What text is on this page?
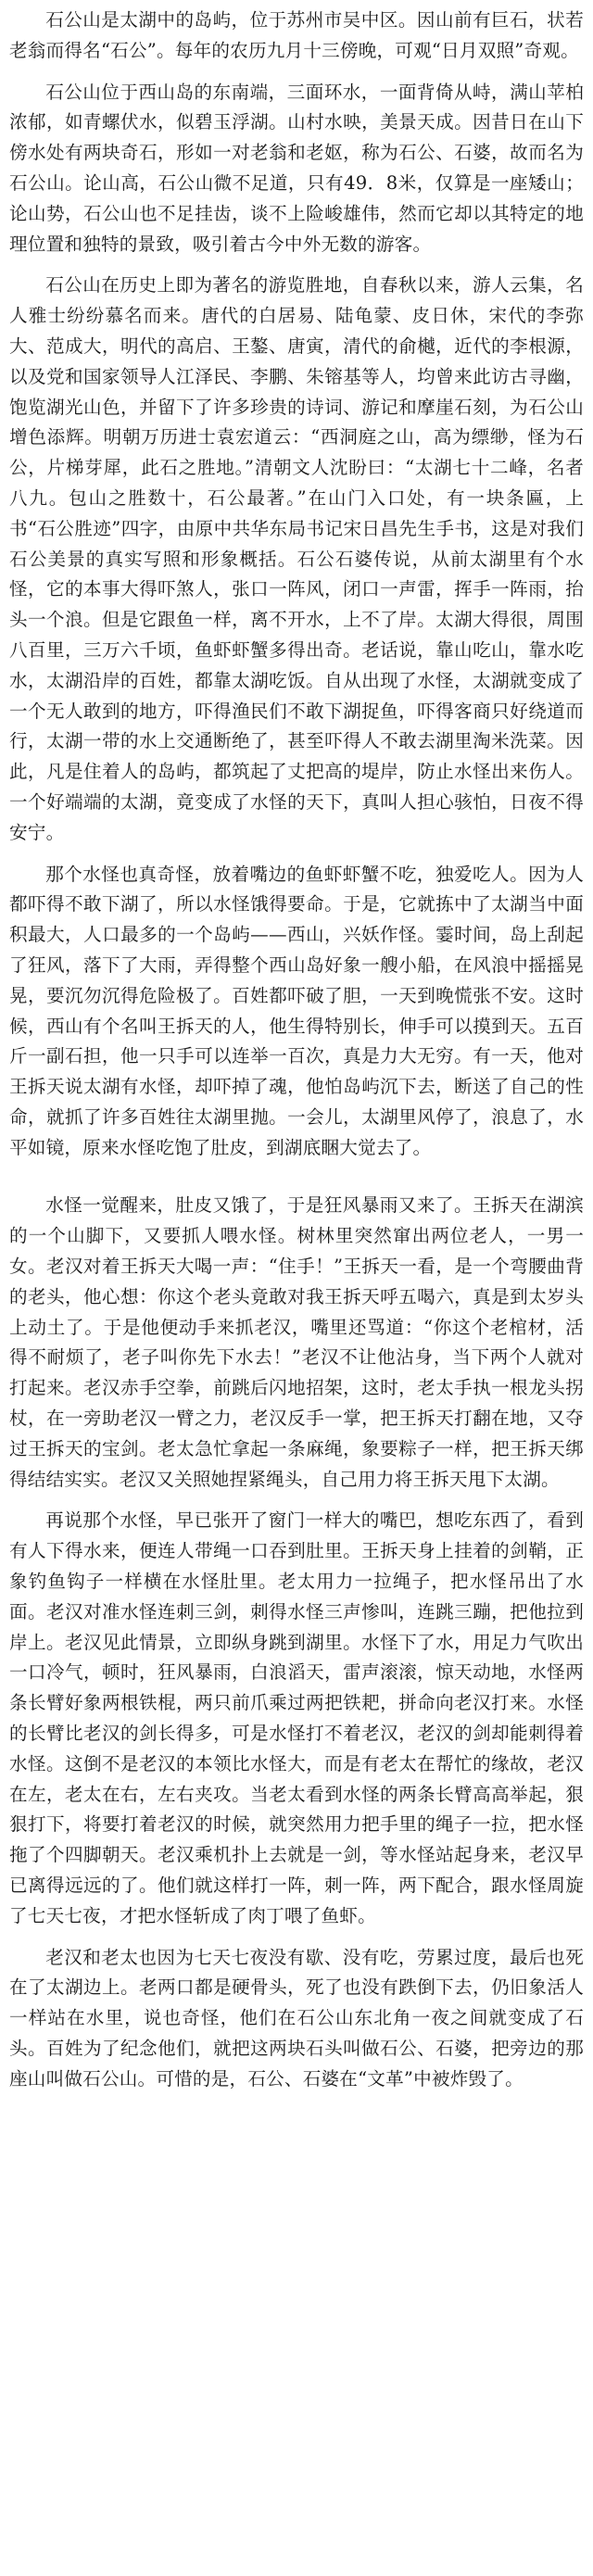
石公山是太湖中的岛屿，位于苏州市吴中区。因山前有巨石，状若老翁而得名“石公”。每年的农历九月十三傍晚，可观“日月双照”奇观。

石公山位于西山岛的东南端，三面环水，一面背倚从峙，满山苹柏浓郁，如青螺伏水，似碧玉浮湖。山村水映，美景天成。因昔日在山下傍水处有两块奇石，形如一对老翁和老妪，称为石公、石婆，故而名为石公山。论山高，石公山微不足道，只有49．8米，仅算是一座矮山；论山势，石公山也不足挂齿，谈不上险峻雄伟，然而它却以其特定的地理位置和独特的景致，吸引着古今中外无数的游客。

石公山在历史上即为著名的游览胜地，自春秋以来，游人云集，名人雅士纷纷慕名而来。唐代的白居易、陆龟蒙、皮日休，宋代的李弥大、范成大，明代的高启、王鏊、唐寅，清代的俞樾，近代的李根源，以及党和国家领导人江泽民、李鹏、朱镕基等人，均曾来此访古寻幽，饱览湖光山色，并留下了许多珍贵的诗词、游记和摩崖石刻，为石公山增色添辉。明朝万历进士袁宏道云：“西洞庭之山，高为缥缈，怪为石公，片梯芽犀，此石之胜地。”清朝文人沈盼曰：“太湖七十二峰，名者八九。包山之胜数十，石公最著。”在山门入口处，有一块条匾，上书“石公胜迹”四字，由原中共华东局书记宋日昌先生手书，这是对我们石公美景的真实写照和形象概括。石公石婆传说，从前太湖里有个水怪，它的本事大得吓煞人，张口一阵风，闭口一声雷，挥手一阵雨，抬头一个浪。但是它跟鱼一样，离不开水，上不了岸。太湖大得很，周围八百里，三万六千顷，鱼虾虾蟹多得出奇。老话说，靠山吃山，靠水吃水，太湖沿岸的百姓，都靠太湖吃饭。自从出现了水怪，太湖就变成了一个无人敢到的地方，吓得渔民们不敢下湖捉鱼，吓得客商只好绕道而行，太湖一带的水上交通断绝了，甚至吓得人不敢去湖里淘米洗菜。因此，凡是住着人的岛屿，都筑起了丈把高的堤岸，防止水怪出来伤人。一个好端端的太湖，竟变成了水怪的天下，真叫人担心骇怕，日夜不得安宁。

那个水怪也真奇怪，放着嘴边的鱼虾虾蟹不吃，独爱吃人。因为人都吓得不敢下湖了，所以水怪饿得要命。于是，它就拣中了太湖当中面积最大，人口最多的一个岛屿——西山，兴妖作怪。霎时间，岛上刮起了狂风，落下了大雨，弄得整个西山岛好象一艘小船，在风浪中摇摇晃晃，要沉勿沉得危险极了。百姓都吓破了胆，一天到晚慌张不安。这时候，西山有个名叫王拆天的人，他生得特别长，伸手可以摸到天。五百斤一副石担，他一只手可以连举一百次，真是力大无穷。有一天，他对王拆天说太湖有水怪，却吓掉了魂，他怕岛屿沉下去，断送了自己的性命，就抓了许多百姓往太湖里抛。一会儿，太湖里风停了，浪息了，水平如镜，原来水怪吃饱了肚皮，到湖底睏大觉去了。

水怪一觉醒来，肚皮又饿了，于是狂风暴雨又来了。王拆天在湖滨的一个山脚下，又要抓人喂水怪。树林里突然窜出两位老人，一男一女。老汉对着王拆天大喝一声：“住手！”王拆天一看，是一个弯腰曲背的老头，他心想：你这个老头竟敢对我王拆天呼五喝六，真是到太岁头上动土了。于是他便动手来抓老汉，嘴里还骂道：“你这个老棺材，活得不耐烦了，老子叫你先下水去！”老汉不让他沾身，当下两个人就对打起来。老汉赤手空拳，前跳后闪地招架，这时，老太手执一根龙头拐杖，在一旁助老汉一臂之力，老汉反手一掌，把王拆天打翻在地，又夺过王拆天的宝剑。老太急忙拿起一条麻绳，象要粽子一样，把王拆天绑得结结实实。老汉又关照她捏紧绳头，自己用力将王拆天甩下太湖。

再说那个水怪，早已张开了窗门一样大的嘴巴，想吃东西了，看到有人下得水来，便连人带绳一口吞到肚里。王拆天身上挂着的剑鞘，正象钓鱼钩子一样横在水怪肚里。老太用力一拉绳子，把水怪吊出了水面。老汉对准水怪连刺三剑，刺得水怪三声惨叫，连跳三蹦，把他拉到岸上。老汉见此情景，立即纵身跳到湖里。水怪下了水，用足力气吹出一口冷气，顿时，狂风暴雨，白浪滔天，雷声滚滚，惊天动地，水怪两条长臂好象两根铁棍，两只前爪乘过两把铁耙，拼命向老汉打来。水怪的长臂比老汉的剑长得多，可是水怪打不着老汉，老汉的剑却能刺得着水怪。这倒不是老汉的本领比水怪大，而是有老太在帮忙的缘故，老汉在左，老太在右，左右夹攻。当老太看到水怪的两条长臂高高举起，狠狠打下，将要打着老汉的时候，就突然用力把手里的绳子一拉，把水怪拖了个四脚朝天。老汉乘机扑上去就是一剑，等水怪站起身来，老汉早已离得远远的了。他们就这样打一阵，刺一阵，两下配合，跟水怪周旋了七天七夜，才把水怪斩成了肉丁喂了鱼虾。

老汉和老太也因为七天七夜没有歇、没有吃，劳累过度，最后也死在了太湖边上。老两口都是硬骨头，死了也没有跌倒下去，仍旧象活人一样站在水里，说也奇怪，他们在石公山东北角一夜之间就变成了石头。百姓为了纪念他们，就把这两块石头叫做石公、石婆，把旁边的那座山叫做石公山。可惜的是，石公、石婆在“文革”中被炸毁了。
